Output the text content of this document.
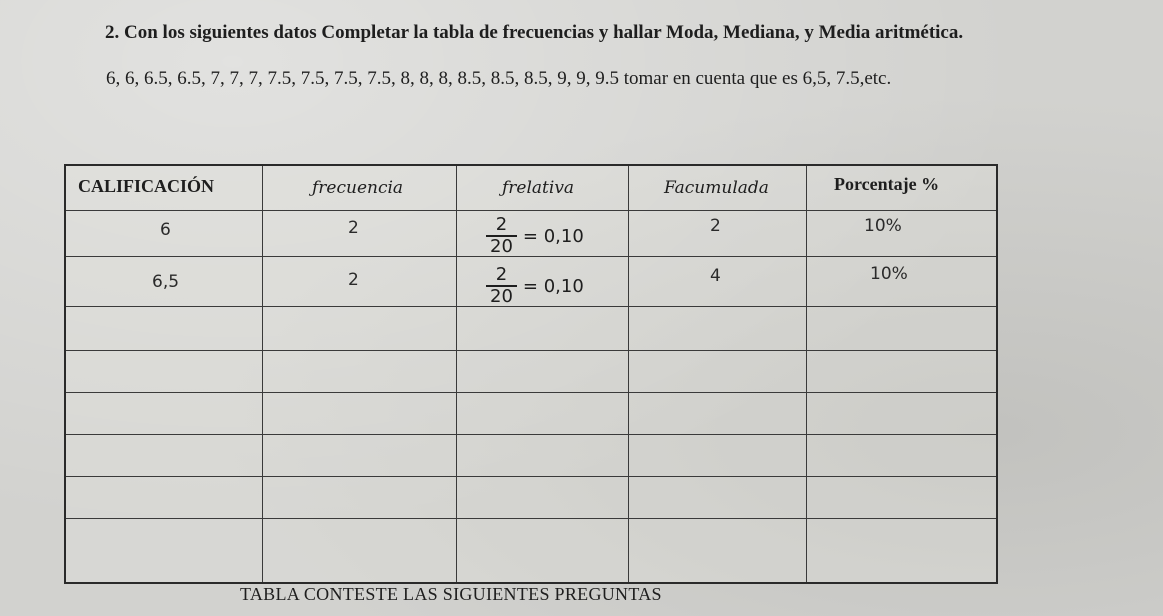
2. Con los siguientes datos Completar la tabla de frecuencias y hallar Moda, Mediana, y Media aritmética.
6, 6, 6.5, 6.5, 7, 7, 7, 7.5, 7.5, 7.5, 7.5, 8, 8, 8, 8.5, 8.5, 8.5, 9, 9, 9.5 tomar en cuenta que es 6,5, 7.5,etc.
CALIFICACIÓN	ƒrecuencia	ƒrelativa	Facumulada	Porcentaje %
6	2	$\frac{2}{20} = 0,10$	2	10%
6,5	2	$\frac{2}{20} = 0,10$	4	10%
TABLA CONTESTE LAS SIGUIENTES PREGUNTAS
